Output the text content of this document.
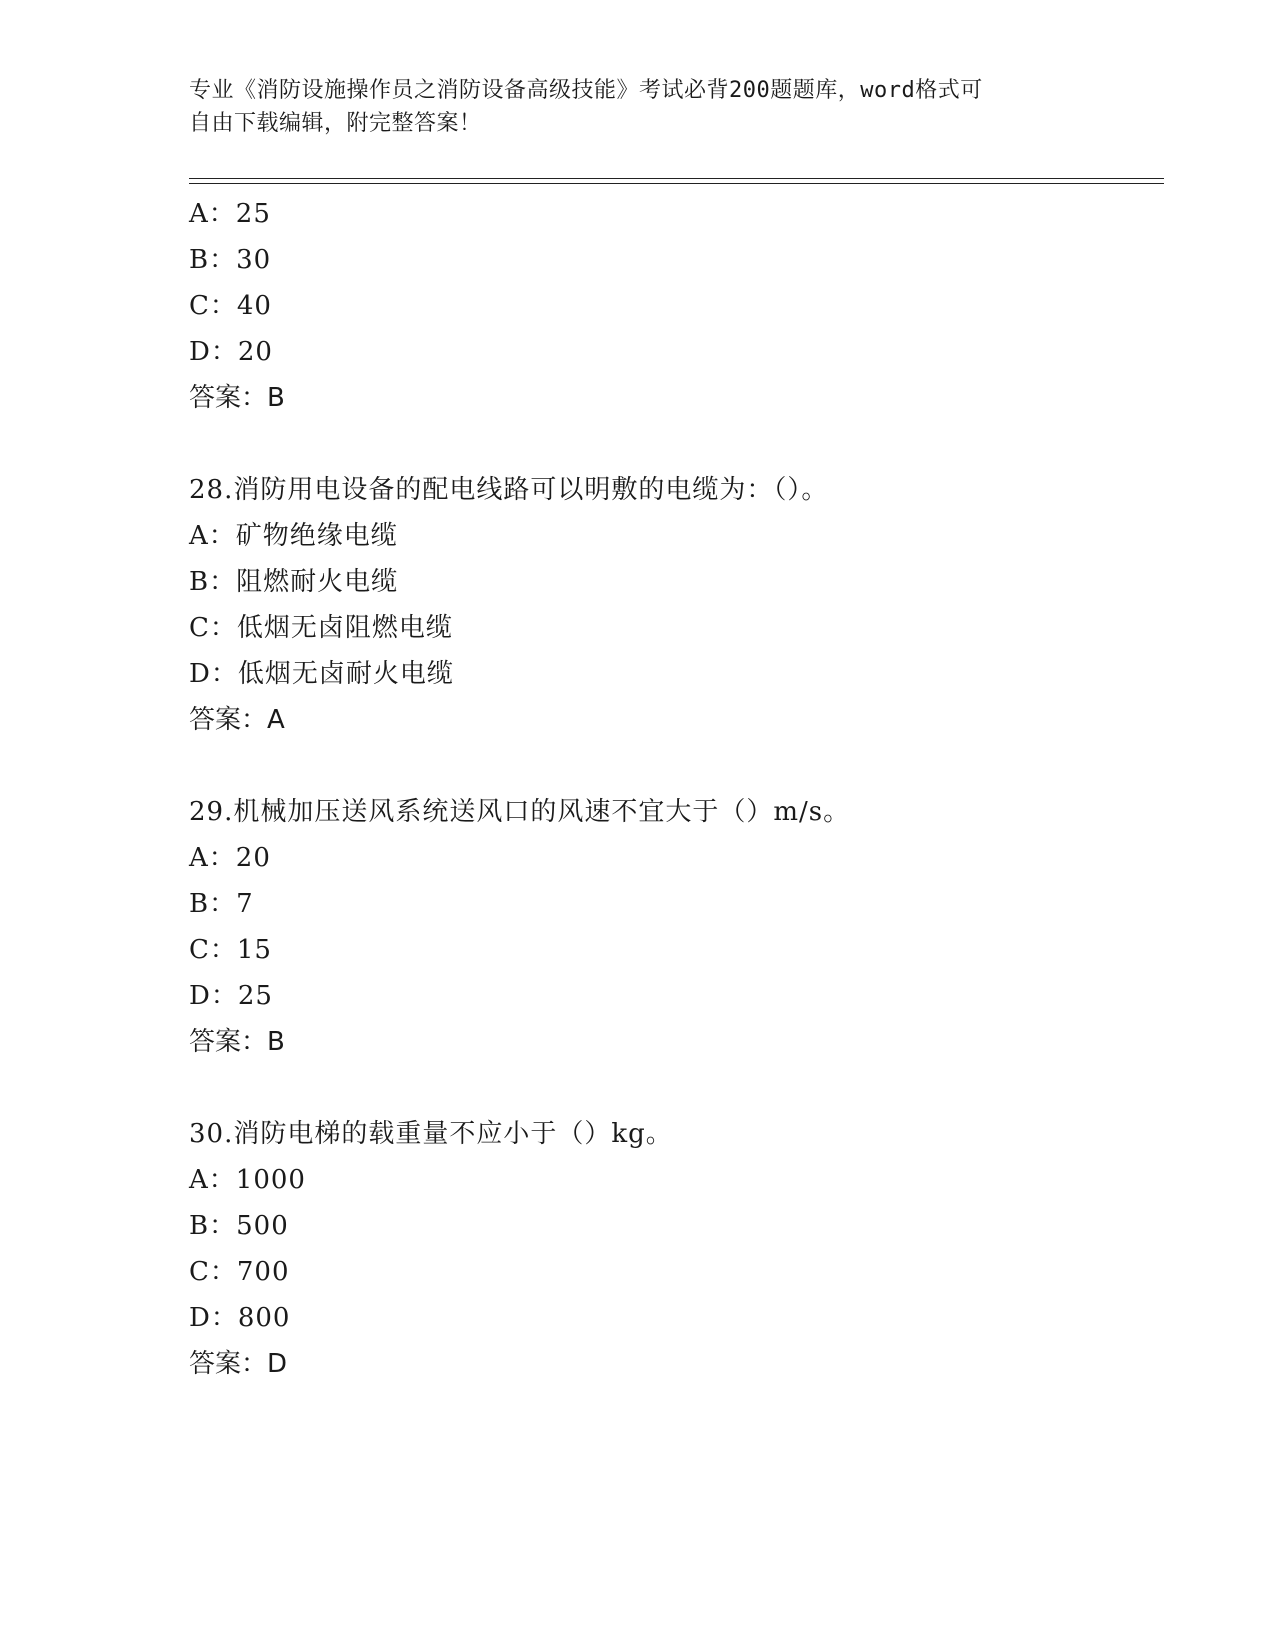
专业《消防设施操作员之消防设备高级技能》考试必背200题题库，word格式可
自由下载编辑，附完整答案！
A：25
B：30
C：40
D：20
答案：B
28.消防用电设备的配电线路可以明敷的电缆为：（）。
A：矿物绝缘电缆
B：阻燃耐火电缆
C：低烟无卤阻燃电缆
D：低烟无卤耐火电缆
答案：A
29.机械加压送风系统送风口的风速不宜大于（）m/s。
A：20
B：7
C：15
D：25
答案：B
30.消防电梯的载重量不应小于（）kg。
A：1000
B：500
C：700
D：800
答案：D
